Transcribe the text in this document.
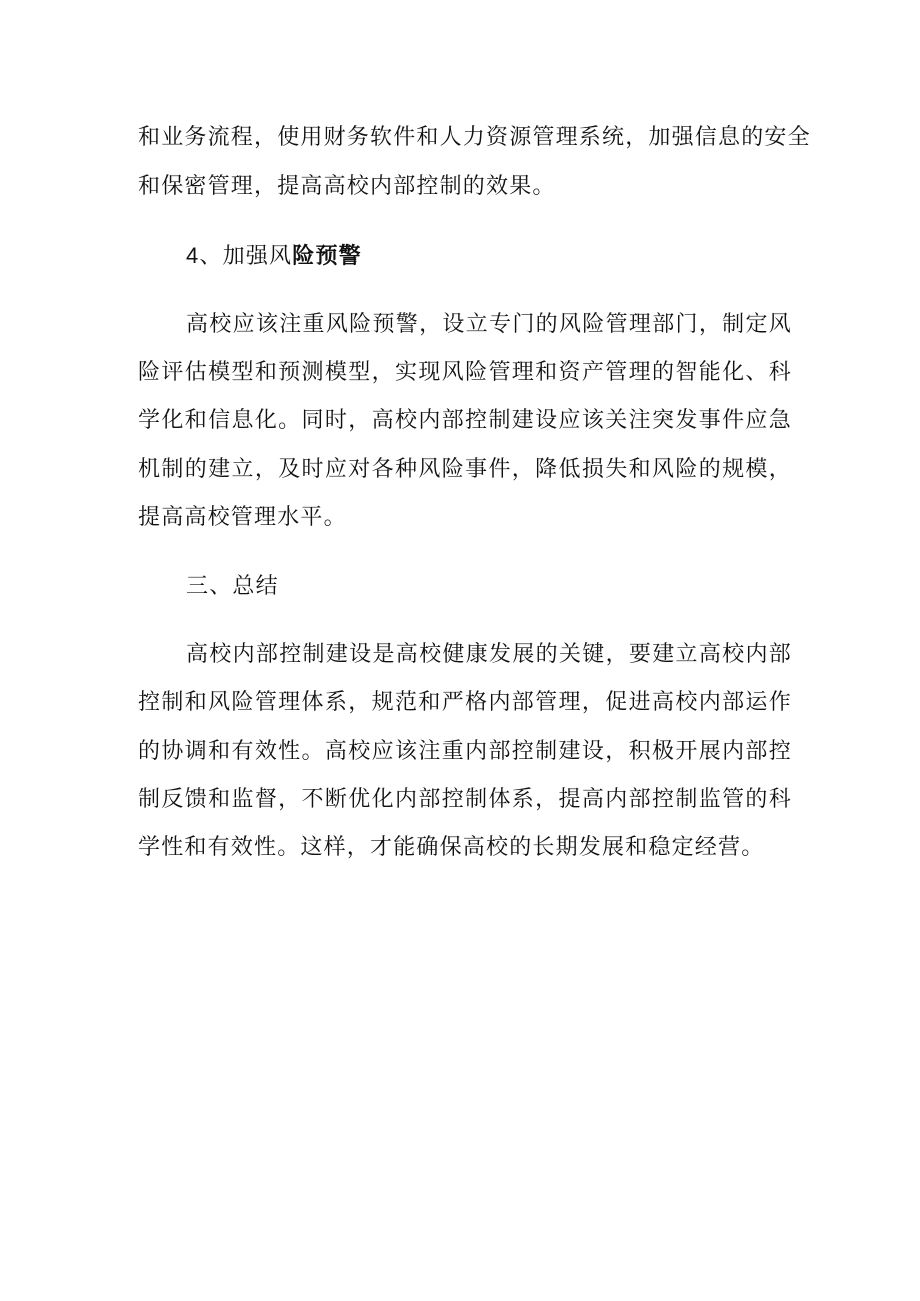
和业务流程，使用财务软件和人力资源管理系统，加强信息的安全
和保密管理，提高高校内部控制的效果。
4、加强风险预警
高校应该注重风险预警，设立专门的风险管理部门，制定风
险评估模型和预测模型，实现风险管理和资产管理的智能化、科
学化和信息化。同时，高校内部控制建设应该关注突发事件应急
机制的建立，及时应对各种风险事件，降低损失和风险的规模，
提高高校管理水平。
三、总结
高校内部控制建设是高校健康发展的关键，要建立高校内部
控制和风险管理体系，规范和严格内部管理，促进高校内部运作
的协调和有效性。高校应该注重内部控制建设，积极开展内部控
制反馈和监督，不断优化内部控制体系，提高内部控制监管的科
学性和有效性。这样，才能确保高校的长期发展和稳定经营。
